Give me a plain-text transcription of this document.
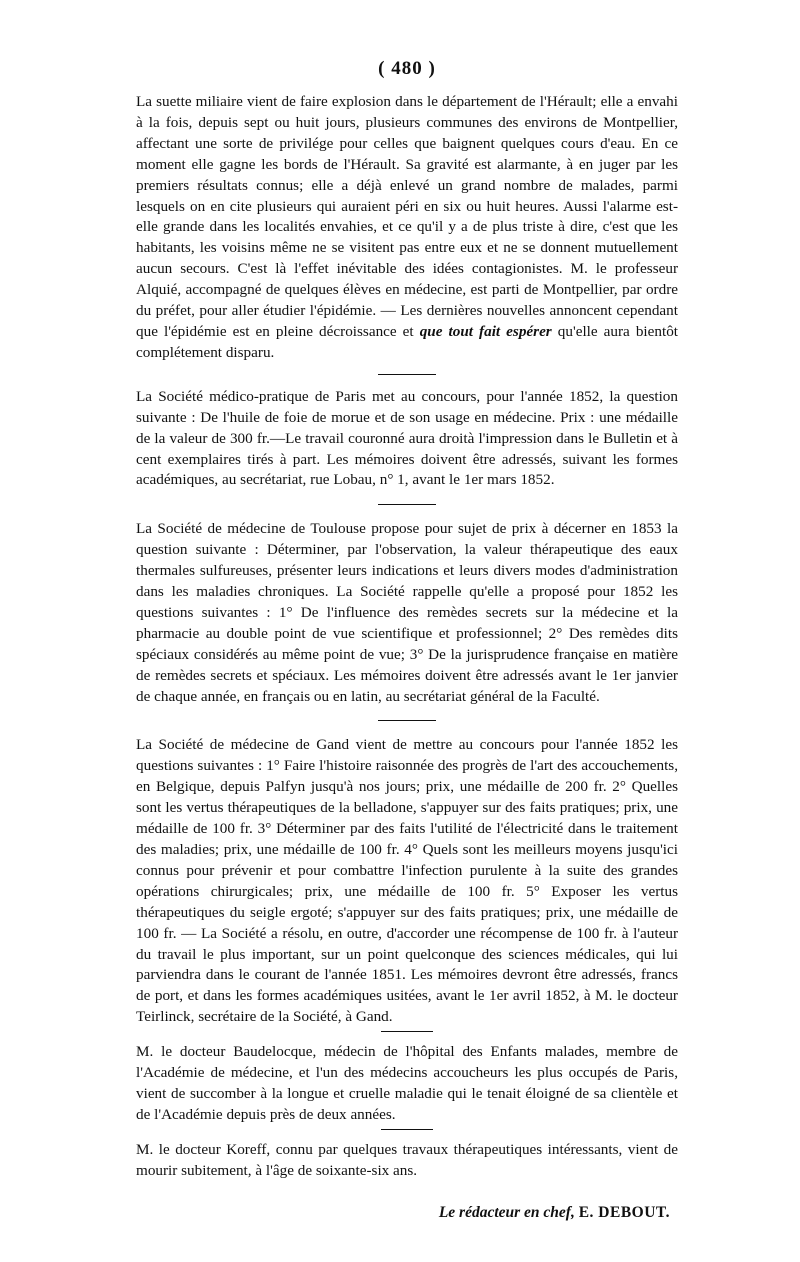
( 480 )

La suette miliaire vient de faire explosion dans le département de l'Hérault; elle a envahi à la fois, depuis sept ou huit jours, plusieurs communes des environs de Montpellier, affectant une sorte de privilége pour celles que baignent quelques cours d'eau. En ce moment elle gagne les bords de l'Hérault. Sa gravité est alarmante, à en juger par les premiers résultats connus; elle a déjà enlevé un grand nombre de malades, parmi lesquels on en cite plusieurs qui auraient péri en six ou huit heures. Aussi l'alarme est-elle grande dans les localités envahies, et ce qu'il y a de plus triste à dire, c'est que les habitants, les voisins même ne se visitent pas entre eux et ne se donnent mutuellement aucun secours. C'est là l'effet inévitable des idées contagionistes. M. le professeur Alquié, accompagné de quelques élèves en médecine, est parti de Montpellier, par ordre du préfet, pour aller étudier l'épidémie. — Les dernières nouvelles annoncent cependant que l'épidémie est en pleine décroissance et que tout fait espérer qu'elle aura bientôt complétement disparu.

La Société médico-pratique de Paris met au concours, pour l'année 1852, la question suivante : De l'huile de foie de morue et de son usage en médecine. Prix : une médaille de la valeur de 300 fr.—Le travail couronné aura droità l'impression dans le Bulletin et à cent exemplaires tirés à part. Les mémoires doivent être adressés, suivant les formes académiques, au secrétariat, rue Lobau, n° 1, avant le 1er mars 1852.

La Société de médecine de Toulouse propose pour sujet de prix à décerner en 1853 la question suivante : Déterminer, par l'observation, la valeur thérapeutique des eaux thermales sulfureuses, présenter leurs indications et leurs divers modes d'administration dans les maladies chroniques. La Société rappelle qu'elle a proposé pour 1852 les questions suivantes : 1° De l'influence des remèdes secrets sur la médecine et la pharmacie au double point de vue scientifique et professionnel; 2° Des remèdes dits spéciaux considérés au même point de vue; 3° De la jurisprudence française en matière de remèdes secrets et spéciaux. Les mémoires doivent être adressés avant le 1er janvier de chaque année, en français ou en latin, au secrétariat général de la Faculté.

La Société de médecine de Gand vient de mettre au concours pour l'année 1852 les questions suivantes : 1° Faire l'histoire raisonnée des progrès de l'art des accouchements, en Belgique, depuis Palfyn jusqu'à nos jours; prix, une médaille de 200 fr. 2° Quelles sont les vertus thérapeutiques de la belladone, s'appuyer sur des faits pratiques; prix, une médaille de 100 fr. 3° Déterminer par des faits l'utilité de l'électricité dans le traitement des maladies; prix, une médaille de 100 fr. 4° Quels sont les meilleurs moyens jusqu'ici connus pour prévenir et pour combattre l'infection purulente à la suite des grandes opérations chirurgicales; prix, une médaille de 100 fr. 5° Exposer les vertus thérapeutiques du seigle ergoté; s'appuyer sur des faits pratiques; prix, une médaille de 100 fr. — La Société a résolu, en outre, d'accorder une récompense de 100 fr. à l'auteur du travail le plus important, sur un point quelconque des sciences médicales, qui lui parviendra dans le courant de l'année 1851. Les mémoires devront être adressés, francs de port, et dans les formes académiques usitées, avant le 1er avril 1852, à M. le docteur Teirlinck, secrétaire de la Société, à Gand.

M. le docteur Baudelocque, médecin de l'hôpital des Enfants malades, membre de l'Académie de médecine, et l'un des médecins accoucheurs les plus occupés de Paris, vient de succomber à la longue et cruelle maladie qui le tenait éloigné de sa clientèle et de l'Académie depuis près de deux années.

M. le docteur Koreff, connu par quelques travaux thérapeutiques intéressants, vient de mourir subitement, à l'âge de soixante-six ans.

Le rédacteur en chef, E. DEBOUT.
